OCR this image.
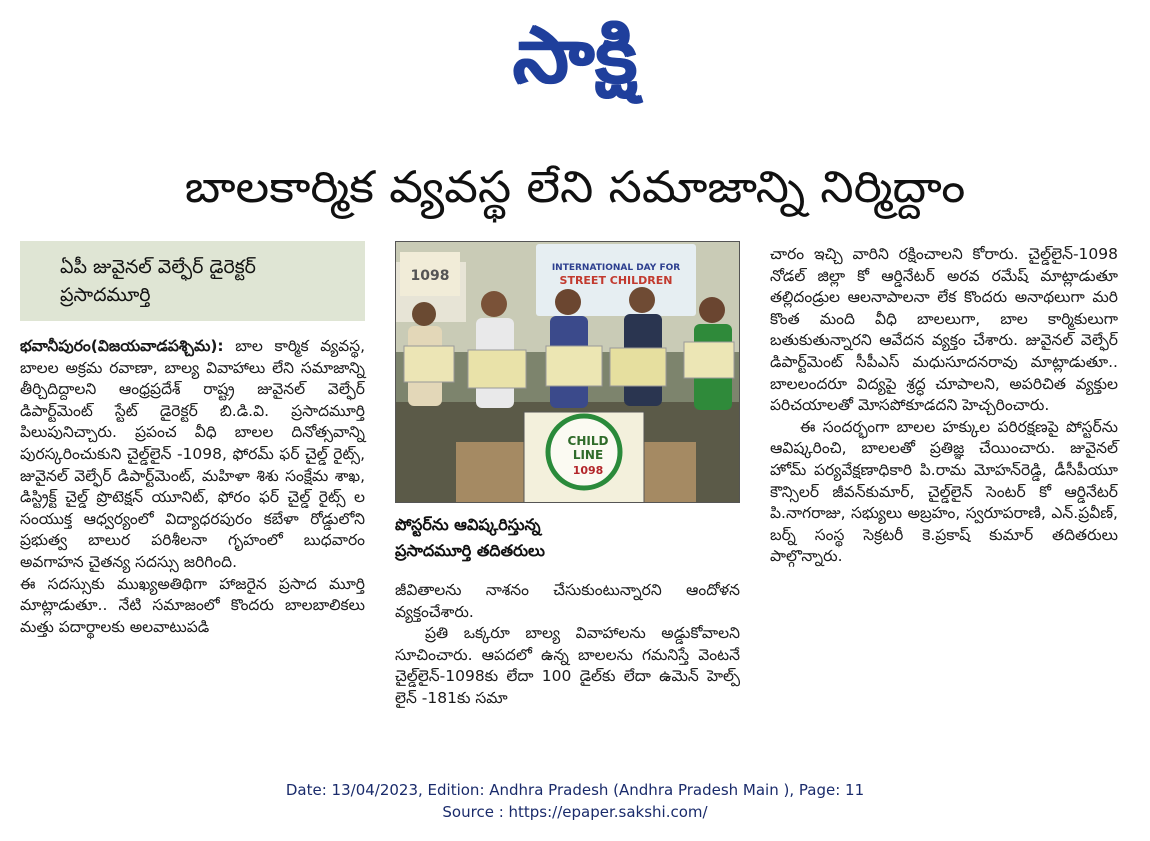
సాక్షి
బాలకార్మిక వ్యవస్థ లేని సమాజాన్ని నిర్మిద్దాం
ఏపీ జువైనల్ వెల్ఫేర్ డైరెక్టర్
ప్రసాదమూర్తి

భవానీపురం(విజయవాడపశ్చిమ): బాల కార్మిక వ్యవస్థ, బాలల అక్రమ రవాణా, బాల్య వివాహాలు లేని సమాజాన్ని తీర్చిదిద్దాలని ఆంధ్రప్రదేశ్ రాష్ట్ర జువైనల్ వెల్ఫేర్ డిపార్ట్‌మెంట్ స్టేట్ డైరెక్టర్ బి.డి.వి. ప్రసాదమూర్తి పిలుపునిచ్చారు. ప్రపంచ వీధి బాలల దినోత్సవాన్ని పురస్కరించుకుని చైల్డ్‌లైన్ -1098, ఫోరమ్ ఫర్ చైల్డ్ రైట్స్, జువైనల్ వెల్ఫేర్ డిపార్ట్‌మెంట్, మహిళా శిశు సంక్షేమ శాఖ, డిస్ట్రిక్ట్ చైల్డ్ ప్రొటెక్షన్ యూనిట్, ఫోరం ఫర్ చైల్డ్ రైట్స్ ‌ల సంయుక్త ఆధ్వర్యంలో విద్యాధరపురం కబేళా రోడ్డులోని ప్రభుత్వ బాలుర పరిశీలనా గృహంలో బుధవారం అవగాహన చైతన్య సదస్సు జరిగింది.

ఈ సదస్సుకు ముఖ్యఅతిథిగా హాజరైన ప్రసాద మూర్తి మాట్లాడుతూ.. నేటి సమాజంలో కొందరు బాలబాలికలు మత్తు పదార్థాలకు అలవాటుపడి

INTERNATIONAL DAY FOR
STREET CHILDREN
CHILD
LINE
1098
1098
పోస్టర్‌ను ఆవిష్కరిస్తున్న
ప్రసాదమూర్తి తదితరులు

జీవితాలను నాశనం చేసుకుంటున్నారని ఆందోళన వ్యక్తంచేశారు.

ప్రతి ఒక్కరూ బాల్య వివాహాలను అడ్డుకోవాలని సూచించారు. ఆపదలో ఉన్న బాలలను గమనిస్తే వెంటనే చైల్డ్‌లైన్-1098కు లేదా 100 డైల్‌కు లేదా ఉమెన్ హెల్ప్ లైన్ -181కు సమా

చారం ఇచ్చి వారిని రక్షించాలని కోరారు. చైల్డ్‌లైన్-1098 నోడల్ జిల్లా కో ఆర్డినేటర్ అరవ రమేష్ మాట్లాడుతూ తల్లిదండ్రుల ఆలనాపాలనా లేక కొందరు అనాథలుగా మరి కొంత మంది వీధి బాలలుగా, బాల కార్మికులుగా బతుకుతున్నారని ఆవేదన వ్యక్తం చేశారు. జువైనల్ వెల్ఫేర్ డిపార్ట్‌మెంట్ సీపీఎస్ మధుసూదనరావు మాట్లాడుతూ.. బాలలందరూ విద్యపై శ్రద్ధ చూపాలని, అపరిచిత వ్యక్తుల పరిచయాలతో మోసపోకూడదని హెచ్చరించారు.

ఈ సందర్భంగా బాలల హక్కుల పరిరక్షణపై పోస్టర్‌ను ఆవిష్కరించి, బాలలతో ప్రతిజ్ఞ చేయించారు. జువైనల్ హోమ్ పర్యవేక్షణాధికారి పి.రామ మోహన్‌రెడ్డి, డీసీపీయూ కౌన్సిలర్ జీవన్‌కుమార్, చైల్డ్‌లైన్ సెంటర్ కో ఆర్డినేటర్ పి.నాగరాజు, సభ్యులు అబ్రహం, స్వరూపరాణి, ఎన్.ప్రవీణ్, బర్న్ సంస్థ సెక్రటరీ కె.ప్రకాష్ కుమార్ తదితరులు పాల్గొన్నారు.

Date: 13/04/2023, Edition: Andhra Pradesh (Andhra Pradesh Main ), Page: 11
Source : https://epaper.sakshi.com/
